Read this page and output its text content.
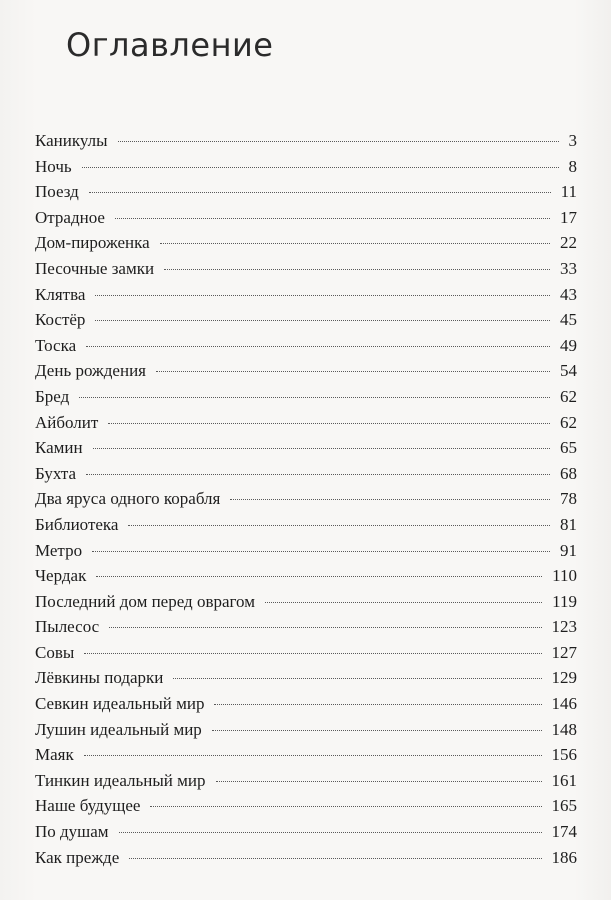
Оглавление
Каникулы	3
Ночь	8
Поезд	11
Отрадное	17
Дом-пироженка	22
Песочные замки	33
Клятва	43
Костёр	45
Тоска	49
День рождения	54
Бред	62
Айболит	62
Камин	65
Бухта	68
Два яруса одного корабля	78
Библиотека	81
Метро	91
Чердак	110
Последний дом перед оврагом	119
Пылесос	123
Совы	127
Лёвкины подарки	129
Севкин идеальный мир	146
Лушин идеальный мир	148
Маяк	156
Тинкин идеальный мир	161
Наше будущее	165
По душам	174
Как прежде	186
